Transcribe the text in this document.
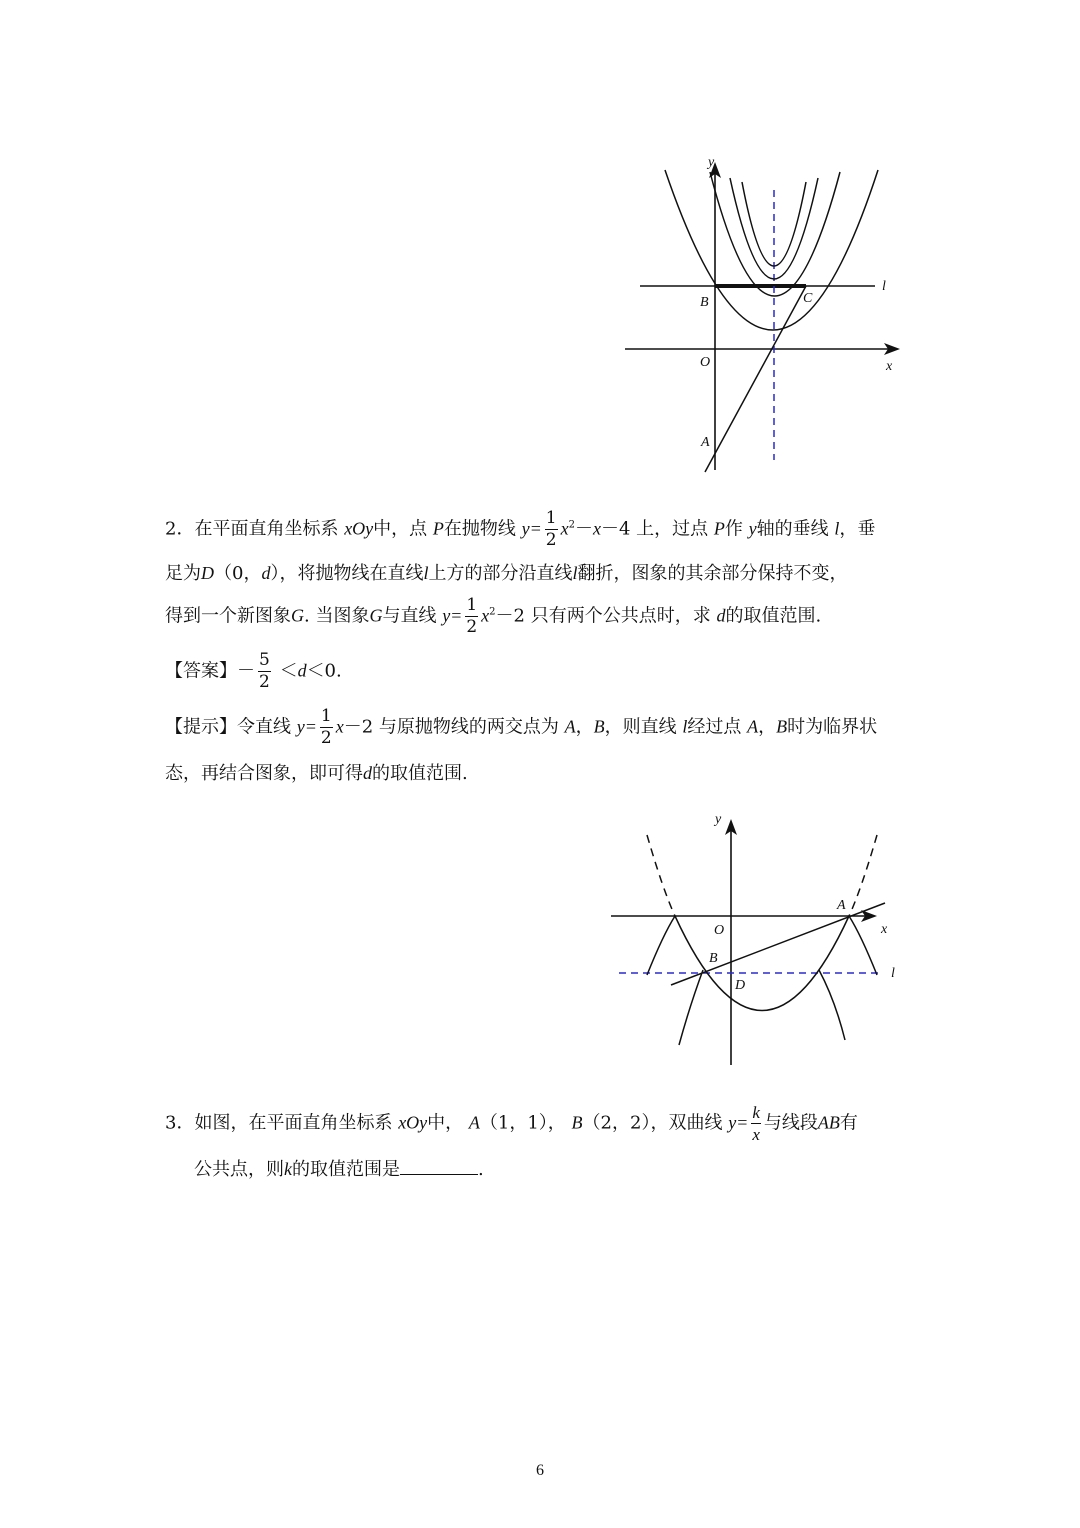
y
l
B	C
O	x
A
2．在平面直角坐标系 xOy中，点 P在抛物线 $y= \frac{1}{2} x^2-x-4$ 上，过点 P作 y轴的垂线 l，垂
足为D（0，d），将抛物线在直线l上方的部分沿直线l翻折，图象的其余部分保持不变，
得到一个新图象G. 当图象G与直线 $y= \frac{1}{2} x^2-2$ 只有两个公共点时，求 d的取值范围.
【答案】－ $\frac{5}{2} <d<0$.
【提示】令直线 $y= \frac{1}{2} x-2$ 与原抛物线的两交点为 A，B，则直线 l经过点 A，B时为临界状
态，再结合图象，即可得d的取值范围.
y
A
x
O
B
D
l
3．如图，在平面直角坐标系 xOy中， A（1，1）， B（2，2），双曲线 $y= \frac{k}{x}$ 与线段AB有
公共点，则k的取值范围是	.
6
